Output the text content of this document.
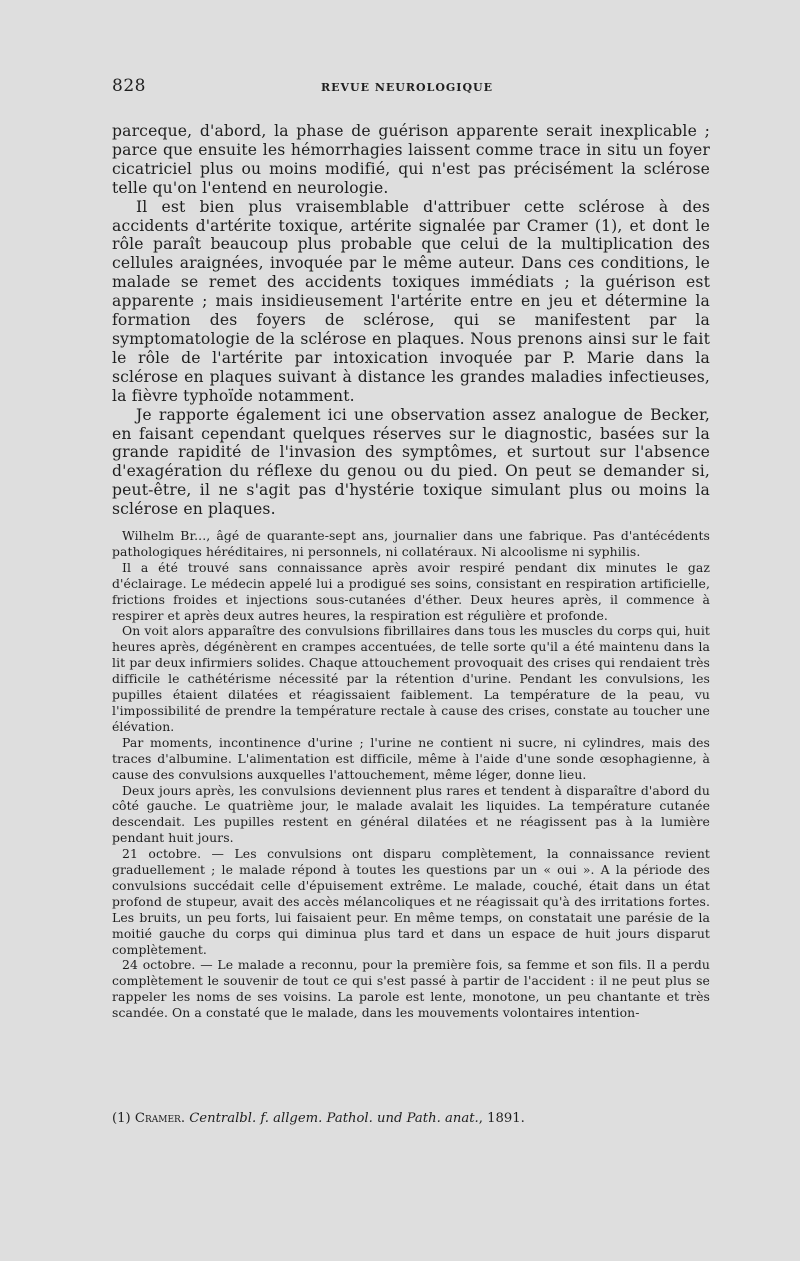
828	REVUE NEUROLOGIQUE

parceque, d'abord, la phase de guérison apparente serait inexplicable ; parce que ensuite les hémorrhagies laissent comme trace in situ un foyer cicatriciel plus ou moins modifié, qui n'est pas précisément la sclérose telle qu'on l'entend en neurologie.

Il est bien plus vraisemblable d'attribuer cette sclérose à des accidents d'artérite toxique, artérite signalée par Cramer (1), et dont le rôle paraît beaucoup plus probable que celui de la multiplication des cellules araignées, invoquée par le même auteur. Dans ces conditions, le malade se remet des accidents toxiques immédiats ; la guérison est apparente ; mais insidieusement l'artérite entre en jeu et détermine la formation des foyers de sclérose, qui se manifestent par la symptomatologie de la sclérose en plaques. Nous prenons ainsi sur le fait le rôle de l'artérite par intoxication invoquée par P. Marie dans la sclérose en plaques suivant à distance les grandes maladies infectieuses, la fièvre typhoïde notamment.

Je rapporte également ici une observation assez analogue de Becker, en faisant cependant quelques réserves sur le diagnostic, basées sur la grande rapidité de l'invasion des symptômes, et surtout sur l'absence d'exagération du réflexe du genou ou du pied. On peut se demander si, peut-être, il ne s'agit pas d'hystérie toxique simulant plus ou moins la sclérose en plaques.

Wilhelm Br..., âgé de quarante-sept ans, journalier dans une fabrique. Pas d'antécédents pathologiques héréditaires, ni personnels, ni collatéraux. Ni alcoolisme ni syphilis.

Il a été trouvé sans connaissance après avoir respiré pendant dix minutes le gaz d'éclairage. Le médecin appelé lui a prodigué ses soins, consistant en respiration artificielle, frictions froides et injections sous-cutanées d'éther. Deux heures après, il commence à respirer et après deux autres heures, la respiration est régulière et profonde.

On voit alors apparaître des convulsions fibrillaires dans tous les muscles du corps qui, huit heures après, dégénèrent en crampes accentuées, de telle sorte qu'il a été maintenu dans la lit par deux infirmiers solides. Chaque attouchement provoquait des crises qui rendaient très difficile le cathétérisme nécessité par la rétention d'urine. Pendant les convulsions, les pupilles étaient dilatées et réagissaient faiblement. La température de la peau, vu l'impossibilité de prendre la température rectale à cause des crises, constate au toucher une élévation.

Par moments, incontinence d'urine ; l'urine ne contient ni sucre, ni cylindres, mais des traces d'albumine. L'alimentation est difficile, même à l'aide d'une sonde œsophagienne, à cause des convulsions auxquelles l'attouchement, même léger, donne lieu.

Deux jours après, les convulsions deviennent plus rares et tendent à disparaître d'abord du côté gauche. Le quatrième jour, le malade avalait les liquides. La température cutanée descendait. Les pupilles restent en général dilatées et ne réagissent pas à la lumière pendant huit jours.

21 octobre. — Les convulsions ont disparu complètement, la connaissance revient graduellement ; le malade répond à toutes les questions par un « oui ». A la période des convulsions succédait celle d'épuisement extrême. Le malade, couché, était dans un état profond de stupeur, avait des accès mélancoliques et ne réagissait qu'à des irritations fortes. Les bruits, un peu forts, lui faisaient peur. En même temps, on constatait une parésie de la moitié gauche du corps qui diminua plus tard et dans un espace de huit jours disparut complètement.

24 octobre. — Le malade a reconnu, pour la première fois, sa femme et son fils. Il a perdu complètement le souvenir de tout ce qui s'est passé à partir de l'accident : il ne peut plus se rappeler les noms de ses voisins. La parole est lente, monotone, un peu chantante et très scandée. On a constaté que le malade, dans les mouvements volontaires intention-

(1) Cramer. Centralbl. f. allgem. Pathol. und Path. anat., 1891.
